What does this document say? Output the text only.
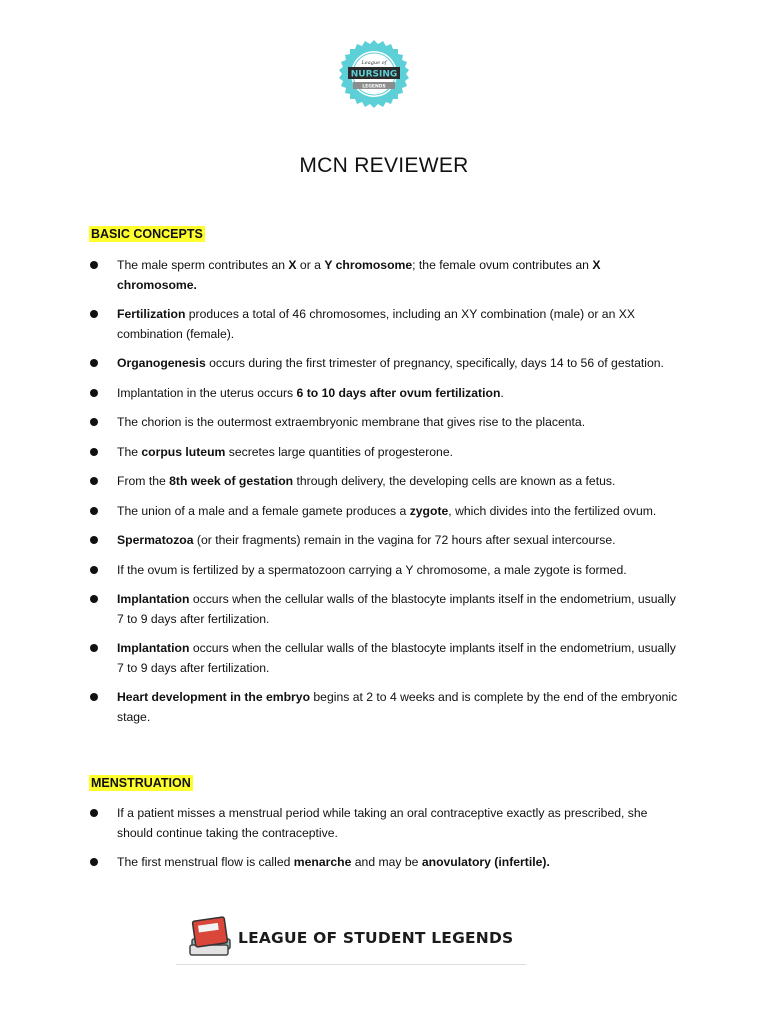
League of
NURSING
LEGENDS
MCN REVIEWER
BASIC CONCEPTS
The male sperm contributes an X or a Y chromosome; the female ovum contributes an X chromosome.
Fertilization produces a total of 46 chromosomes, including an XY combination (male) or an XX combination (female).
Organogenesis occurs during the first trimester of pregnancy, specifically, days 14 to 56 of gestation.
Implantation in the uterus occurs 6 to 10 days after ovum fertilization.
The chorion is the outermost extraembryonic membrane that gives rise to the placenta.
The corpus luteum secretes large quantities of progesterone.
From the 8th week of gestation through delivery, the developing cells are known as a fetus.
The union of a male and a female gamete produces a zygote, which divides into the fertilized ovum.
Spermatozoa (or their fragments) remain in the vagina for 72 hours after sexual intercourse.
If the ovum is fertilized by a spermatozoon carrying a Y chromosome, a male zygote is formed.
Implantation occurs when the cellular walls of the blastocyte implants itself in the endometrium, usually 7 to 9 days after fertilization.
Implantation occurs when the cellular walls of the blastocyte implants itself in the endometrium, usually 7 to 9 days after fertilization.
Heart development in the embryo begins at 2 to 4 weeks and is complete by the end of the embryonic stage.
MENSTRUATION
If a patient misses a menstrual period while taking an oral contraceptive exactly as prescribed, she should continue taking the contraceptive.
The first menstrual flow is called menarche and may be anovulatory (infertile).
LEAGUE OF STUDENT LEGENDS
